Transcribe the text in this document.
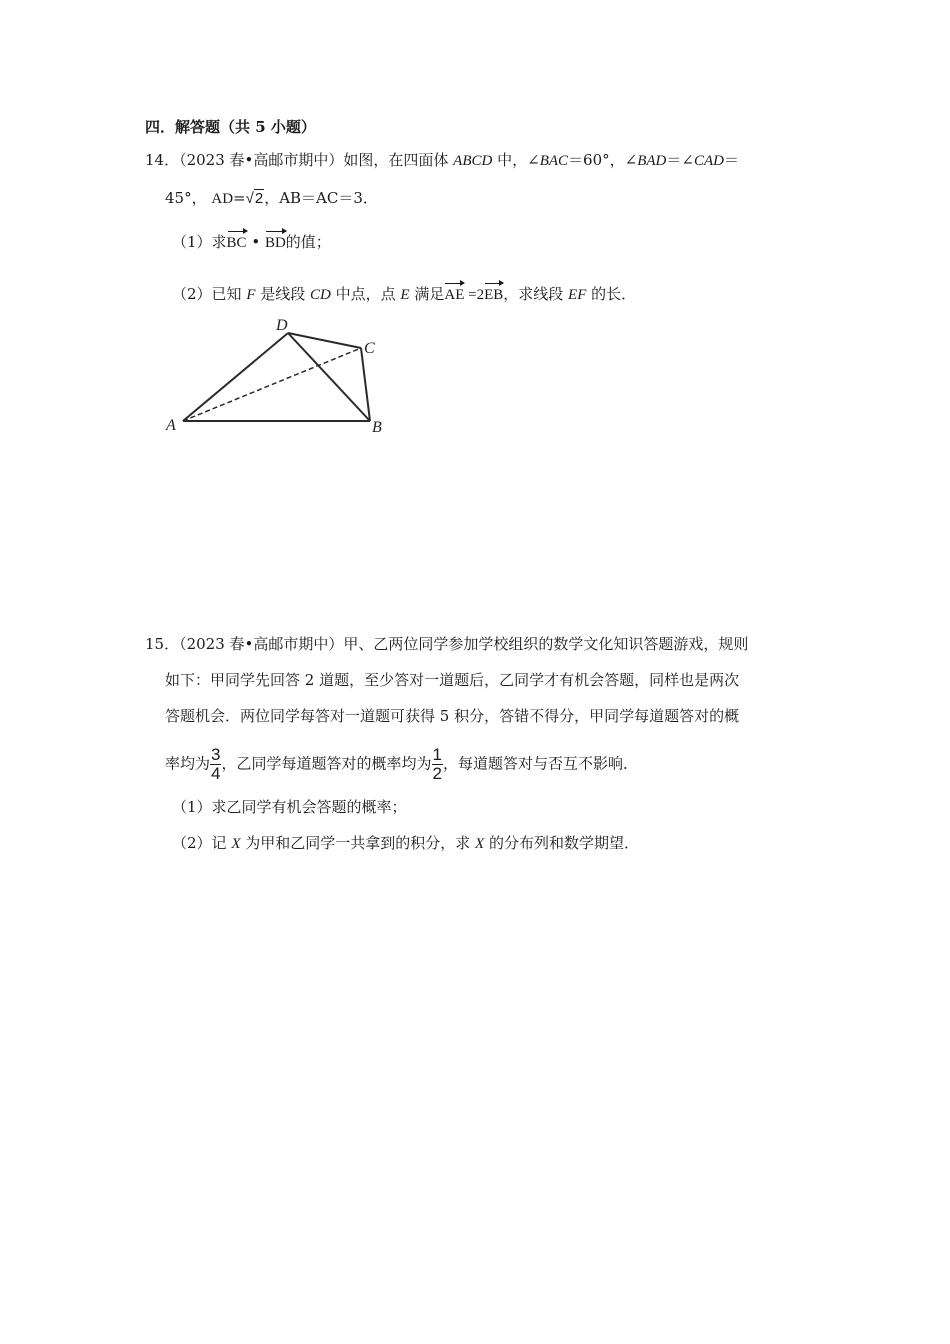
四．解答题（共 5 小题）
14．（2023 春•高邮市期中）如图，在四面体 ABCD 中，∠BAC＝60°，∠BAD＝∠CAD＝
45°， AD=√2，AB＝AC＝3．
（1）求BC • BD的值；
（2）已知 F 是线段 CD 中点，点 E 满足AE =2EB，求线段 EF 的长．
A	B
C
D
15．（2023 春•高邮市期中）甲、乙两位同学参加学校组织的数学文化知识答题游戏，规则
如下：甲同学先回答 2 道题，至少答对一道题后，乙同学才有机会答题，同样也是两次
答题机会．两位同学每答对一道题可获得 5 积分，答错不得分，甲同学每道题答对的概
率均为 $\frac{3}{4}$ ，乙同学每道题答对的概率均为 $\frac{1}{2}$ ，每道题答对与否互不影响．
（1）求乙同学有机会答题的概率；
（2）记 X 为甲和乙同学一共拿到的积分，求 X 的分布列和数学期望．
